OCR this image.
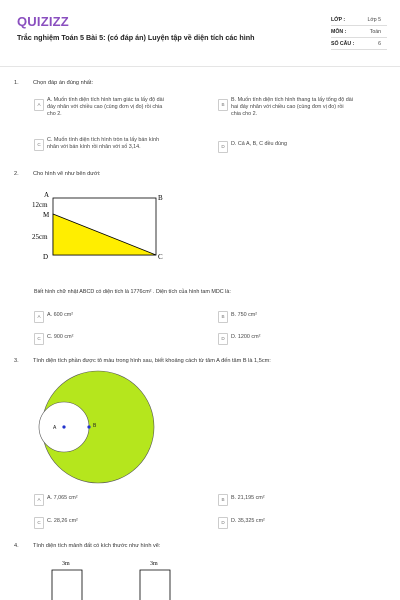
QUIZIZZ
Trắc nghiệm Toán 5 Bài 5: (có đáp án) Luyện tập về diện tích các hình
LỚP :	Lớp 5
MÔN :	Toán
SỐ CÂU :	6
1.	Chọn đáp án đúng nhất:
A
A. Muốn tính diện tích hình tam giác ta lấy độ dài
đáy nhân với chiều cao (cùng đơn vị đo) rồi chia
cho 2.
B
B. Muốn tính diện tích hình thang ta lấy tổng độ dài
hai đáy nhân với chiều cao (cùng đơn vị đo) rồi
chia cho 2.
C
C. Muốn tính diện tích hình tròn ta lấy bán kính
nhân với bán kính rồi nhân với số 3,14.	D	D. Cả A, B, C đều đúng
2.	Cho hình vẽ như bên dưới:
A	B
M
D	C
12cm
25cm
Biết hình chữ nhật ABCD có diện tích là 1776cm² . Diện tích của hình tam MDC là:
A	A. 600 cm²	B	B. 750 cm²
C	C. 900 cm²	D	D. 1200 cm²
3.	Tính diện tích phần được tô màu trong hình sau, biết khoảng cách từ tâm A đến tâm B là 1,5cm:
A	B
A	A. 7,065 cm²	B	B. 21,195 cm²
C	C. 28,26 cm²	D	D. 35,325 cm²
4.	Tính diện tích mảnh đất có kích thước như hình vẽ:
3m	3m
